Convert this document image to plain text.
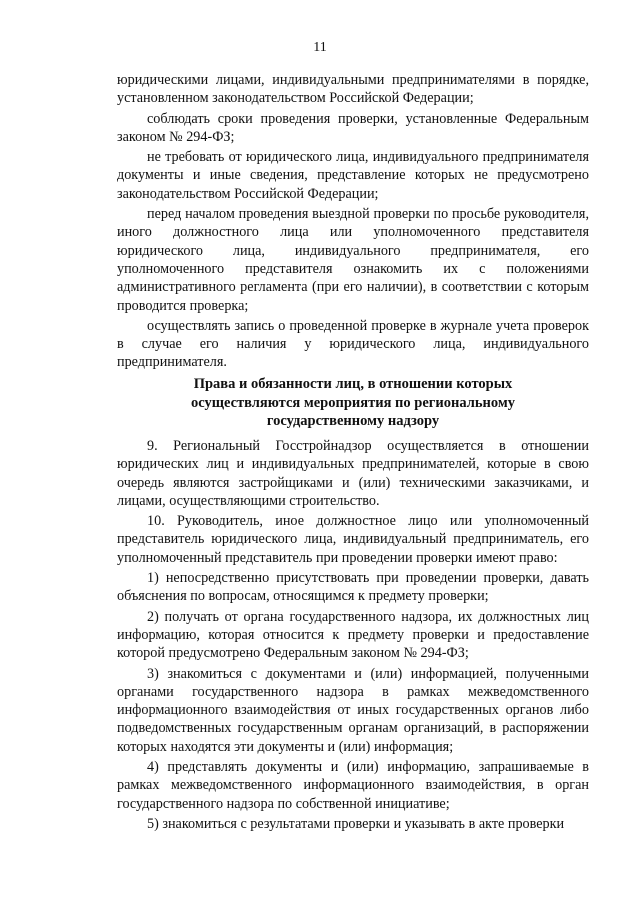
11

юридическими лицами, индивидуальными предпринимателями в порядке, установленном законодательством Российской Федерации;

соблюдать сроки проведения проверки, установленные Федеральным законом № 294-ФЗ;

не требовать от юридического лица, индивидуального предпринимателя документы и иные сведения, представление которых не предусмотрено законодательством Российской Федерации;

перед началом проведения выездной проверки по просьбе руководителя, иного должностного лица или уполномоченного представителя юридического лица, индивидуального предпринимателя, его уполномоченного представителя ознакомить их с положениями административного регламента (при его наличии), в соответствии с которым проводится проверка;

осуществлять запись о проведенной проверке в журнале учета проверок в случае его наличия у юридического лица, индивидуального предпринимателя.

Права и обязанности лиц, в отношении которых
осуществляются мероприятия по региональному
государственному надзору

9. Региональный Госстройнадзор осуществляется в отношении юридических лиц и индивидуальных предпринимателей, которые в свою очередь являются застройщиками и (или) техническими заказчиками, и лицами, осуществляющими строительство.

10. Руководитель, иное должностное лицо или уполномоченный представитель юридического лица, индивидуальный предприниматель, его уполномоченный представитель при проведении проверки имеют право:

1) непосредственно присутствовать при проведении проверки, давать объяснения по вопросам, относящимся к предмету проверки;

2) получать от органа государственного надзора, их должностных лиц информацию, которая относится к предмету проверки и предоставление которой предусмотрено Федеральным законом № 294-ФЗ;

3) знакомиться с документами и (или) информацией, полученными органами государственного надзора в рамках межведомственного информационного взаимодействия от иных государственных органов либо подведомственных государственным органам организаций, в распоряжении которых находятся эти документы и (или) информация;

4) представлять документы и (или) информацию, запрашиваемые в рамках межведомственного информационного взаимодействия, в орган государственного надзора по собственной инициативе;

5) знакомиться с результатами проверки и указывать в акте проверки
